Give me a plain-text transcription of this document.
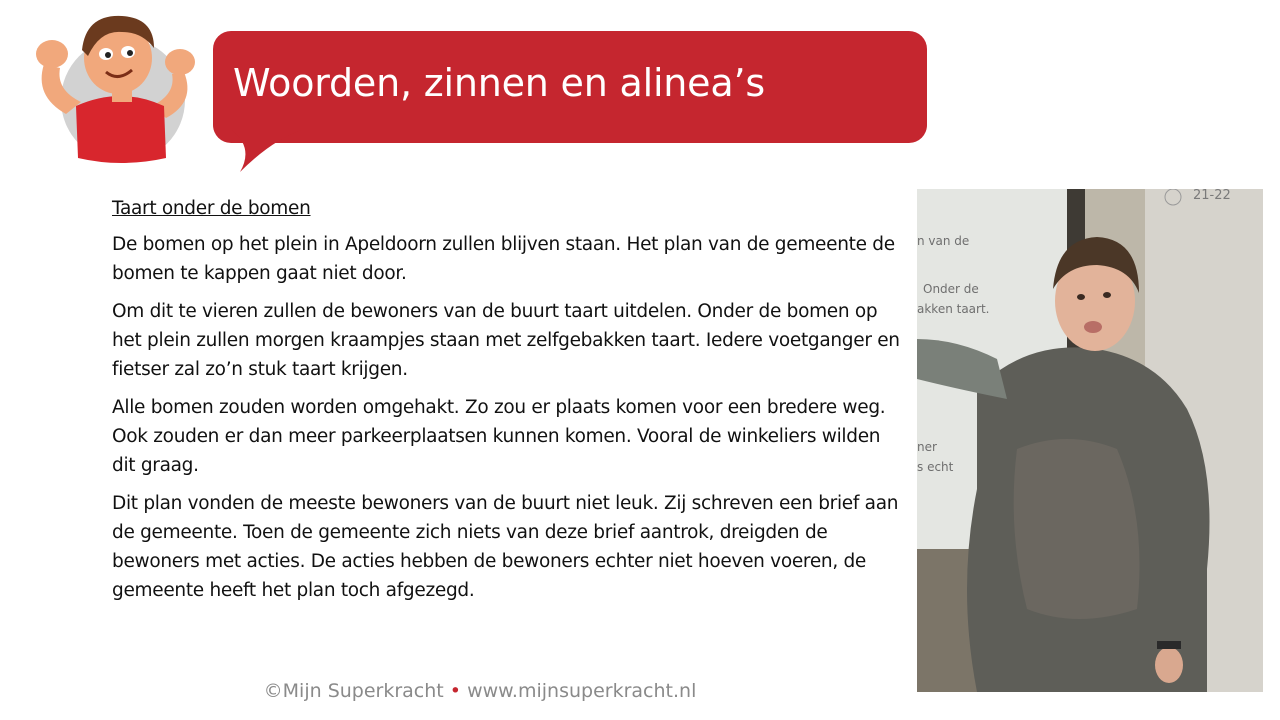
Woorden, zinnen en alinea’s
Taart onder de bomen

De bomen op het plein in Apeldoorn zullen blijven staan. Het plan van de gemeente de bomen te kappen gaat niet door.

Om dit te vieren zullen de bewoners van de buurt taart uitdelen. Onder de bomen op het plein zullen morgen kraampjes staan met zelfgebakken taart. Iedere voetganger en fietser zal zo’n stuk taart krijgen.

Alle bomen zouden worden omgehakt. Zo zou er plaats komen voor een bredere weg. Ook zouden er dan meer parkeerplaatsen kunnen komen. Vooral de winkeliers wilden dit graag.

Dit plan vonden de meeste bewoners van de buurt niet leuk. Zij schreven een brief aan de gemeente. Toen de gemeente zich niets van deze brief aantrok, dreigden de bewoners met acties. De acties hebben de bewoners echter niet hoeven voeren, de gemeente heeft het plan toch afgezegd.

n van de
Onder de
akken taart.
ner
s echt
21-22
©Mijn Superkracht • www.mijnsuperkracht.nl
